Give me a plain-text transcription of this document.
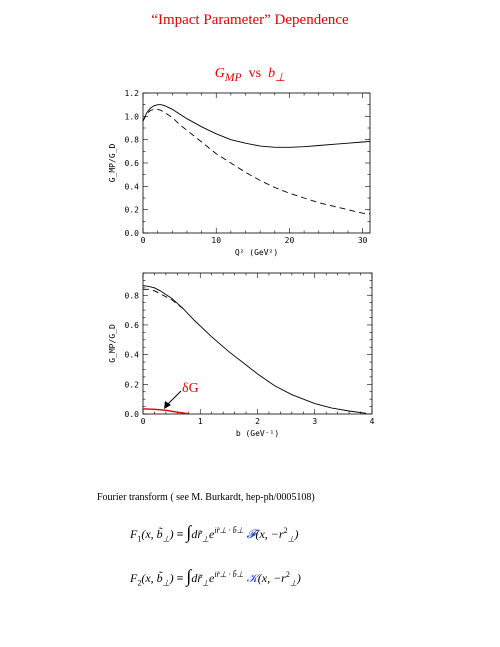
“Impact Parameter” Dependence
$G_{MP}$ vs $b_\perp$
0	10	20	30
0.0
0.2
0.4
0.6
0.8
1.0
1.2
Q² (GeV²)
G_MP/G_D
0	1	2	3	4
0.0
0.2
0.4
0.6
0.8
b (GeV⁻¹)
G_MP/G_D
δG
Fourier transform ( see M. Burkardt, hep-ph/0005108)
$F_1(x$, $b̃_\perp$) ≡ $\int dr̃_\perp e^{ir̃\perp \cdot b̃\perp}$ 𝓕(x, $-r^2_\perp$)
$F_2(x$, $b̃_\perp$) ≡ $\int dr̃_\perp e^{ir̃\perp \cdot b̃\perp}$ 𝒦(x, $-r^2_\perp$)
